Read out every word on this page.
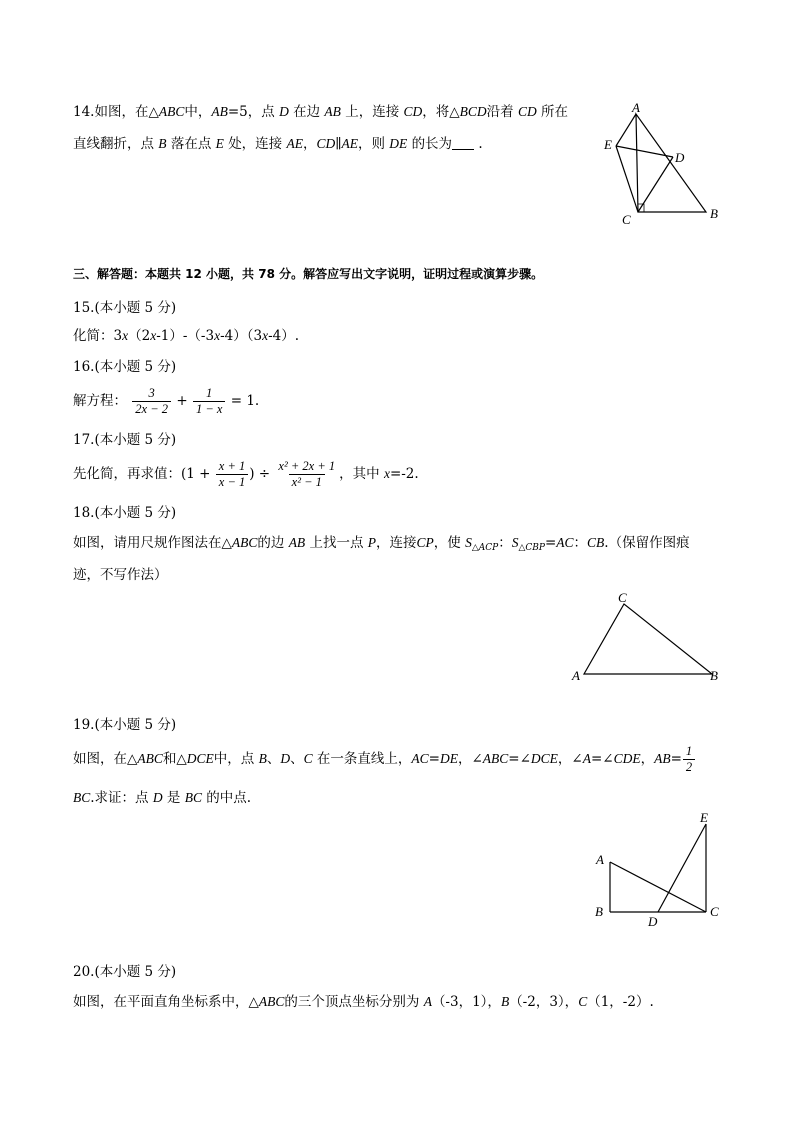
14.如图，在△ABC中，AB=5，点 D 在边 AB 上，连接 CD，将△BCD沿着 CD 所在
直线翻折，点 B 落在点 E 处，连接 AE，CD∥AE，则 DE 的长为 .
A
B
C
D
E
三、解答题：本题共 12 小题，共 78 分。解答应写出文字说明，证明过程或演算步骤。
15.(本小题 5 分)
化简：3x（2x-1）-（-3x-4）（3x-4）.
16.(本小题 5 分)
解方程： $\frac{3}{2x - 2} + \frac{1}{1 - x} = 1$.
17.(本小题 5 分)
先化简，再求值：($1 + \frac{x + 1}{x - 1}$ ) ÷ $\frac{\text{x² + 2x + 1}}{\text{x² − 1}}$ ，其中 x=-2.
18.(本小题 5 分)
如图，请用尺规作图法在△ABC的边 AB 上找一点 P，连接CP，使 $S_{\triangle ACP}$：$S_{\triangle CBP}=AC$：CB.（保留作图痕
迹，不写作法）
A	B
C
19.(本小题 5 分)
如图，在△ABC和△DCE中，点 B、D、C 在一条直线上，AC=DE，∠ABC=∠DCE，∠A=∠CDE，$AB= \frac{1}{2}$
BC.求证：点 D 是 BC 的中点.
A
B	C
D
E
20.(本小题 5 分)
如图，在平面直角坐标系中，△ABC的三个顶点坐标分别为 A（-3，1），B（-2，3），C（1，-2）.
